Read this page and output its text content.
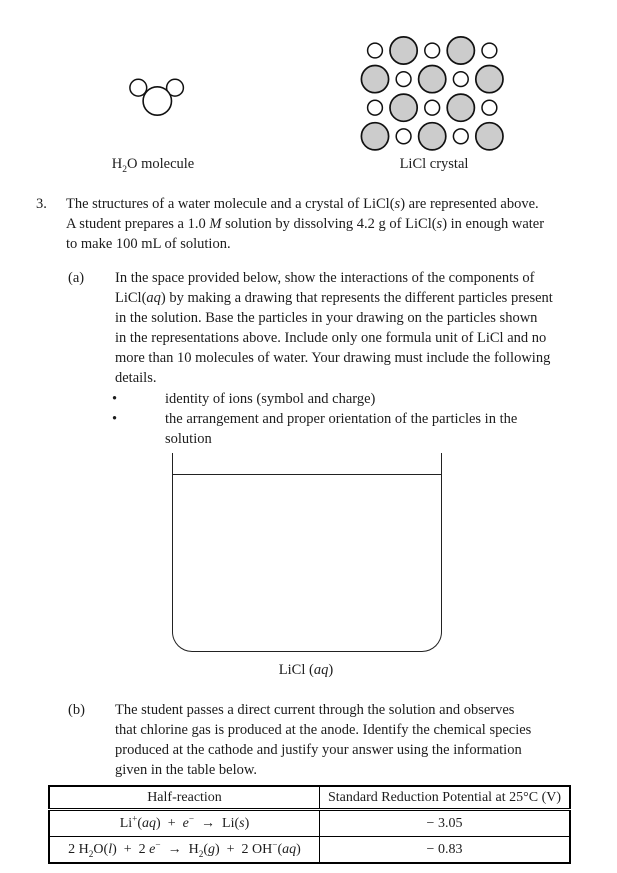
$H_2O$ molecule	LiCl crystal
3. The structures of a water molecule and a crystal of LiCl(s) are represented above.
A student prepares a 1.0 M solution by dissolving 4.2 g of LiCl(s) in enough water
to make 100 mL of solution.
(a) In the space provided below, show the interactions of the components of
LiCl(aq) by making a drawing that represents the different particles present
in the solution. Base the particles in your drawing on the particles shown
in the representations above. Include only one formula unit of LiCl and no
more than 10 molecules of water. Your drawing must include the following
details.
•	identity of ions (symbol and charge)
•	the arrangement and proper orientation of the particles in the
solution
LiCl (aq)
(b) The student passes a direct current through the solution and observes
that chlorine gas is produced at the anode. Identify the chemical species
produced at the cathode and justify your answer using the information
given in the table below.
Half-reaction	Standard Reduction Potential at 25°C (V)
Li+(aq)  +  e−  →  Li(s)	− 3.05
2 $H_2O(l) + 2$ $e^- \to H_2(g) + 2$ OH−(aq)	− 0.83
